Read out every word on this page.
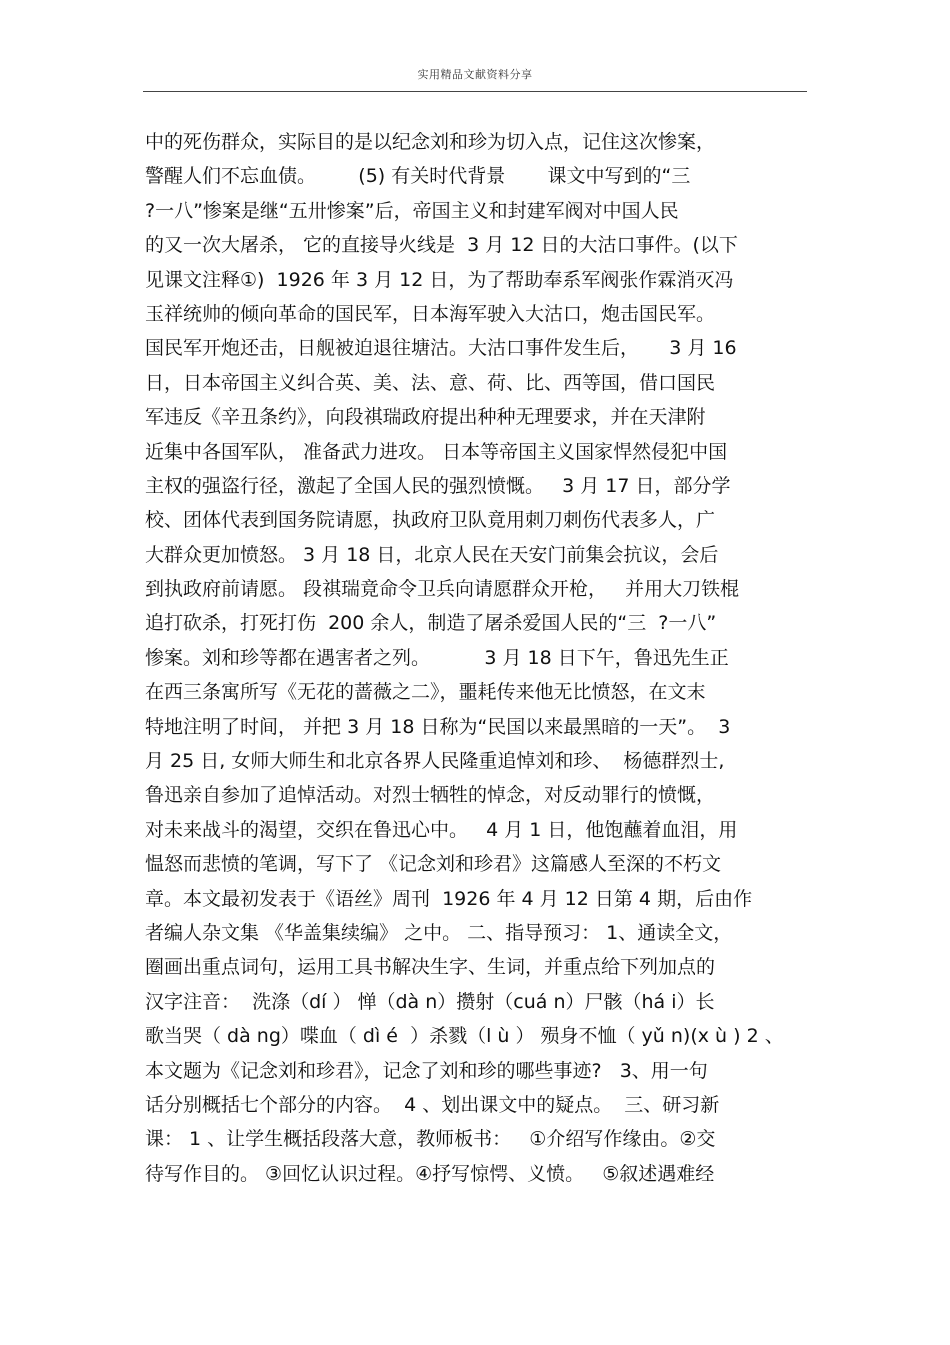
实用精品文献资料分享
中的死伤群众，实际目的是以纪念刘和珍为切入点，记住这次惨案，
警醒人们不忘血债。       (5) 有关时代背景       课文中写到的“三
?一八”惨案是继“五卅惨案”后，帝国主义和封建军阀对中国人民
的又一次大屠杀， 它的直接导火线是  3 月 12 日的大沽口事件。(以下
见课文注释①)  1926 年 3 月 12 日，为了帮助奉系军阀张作霖消灭冯
玉祥统帅的倾向革命的国民军，日本海军驶入大沽口，炮击国民军。
国民军开炮还击，日舰被迫退往塘沽。大沽口事件发生后，     3 月 16
日，日本帝国主义纠合英、美、法、意、荷、比、西等国，借口国民
军违反《辛丑条约》，向段祺瑞政府提出种种无理要求，并在天津附
近集中各国军队， 准备武力进攻。 日本等帝国主义国家悍然侵犯中国
主权的强盗行径，激起了全国人民的强烈愤慨。   3 月 17 日，部分学
校、团体代表到国务院请愿，执政府卫队竟用刺刀刺伤代表多人，广
大群众更加愤怒。 3 月 18 日，北京人民在天安门前集会抗议，会后
到执政府前请愿。 段祺瑞竟命令卫兵向请愿群众开枪，   并用大刀铁棍
追打砍杀，打死打伤  200 余人，制造了屠杀爱国人民的“三  ?一八”
惨案。刘和珍等都在遇害者之列。         3 月 18 日下午，鲁迅先生正
在西三条寓所写《无花的蔷薇之二》，噩耗传来他无比愤怒，在文末
特地注明了时间， 并把 3 月 18 日称为“民国以来最黑暗的一天”。  3
月 25 日, 女师大师生和北京各界人民隆重追悼刘和珍、  杨德群烈士,
鲁迅亲自参加了追悼活动。对烈士牺牲的悼念，对反动罪行的愤慨，
对未来战斗的渴望，交织在鲁迅心中。   4 月 1 日，他饱蘸着血泪，用
愠怒而悲愤的笔调，写下了 《记念刘和珍君》这篇感人至深的不朽文
章。本文最初发表于《语丝》周刊  1926 年 4 月 12 日第 4 期，后由作
者编人杂文集 《华盖集续编》 之中。 二、指导预习： 1、通读全文，
圈画出重点词句，运用工具书解决生字、生词，并重点给下列加点的
汉字注音：  洗涤（dí ） 惮（dà n）攒射（cuá n）尸骸（há i）长
歌当哭（ dà ng）喋血（ dì é  ）杀戮（l ù ） 殒身不恤（ yǔ n)(x ù ) 2 、
本文题为《记念刘和珍君》，记念了刘和珍的哪些事迹?   3、用一句
话分别概括七个部分的内容。  4 、划出课文中的疑点。  三、研习新
课： 1 、让学生概括段落大意，教师板书：   ①介绍写作缘由。②交
待写作目的。 ③回忆认识过程。④抒写惊愕、义愤。   ⑤叙述遇难经
